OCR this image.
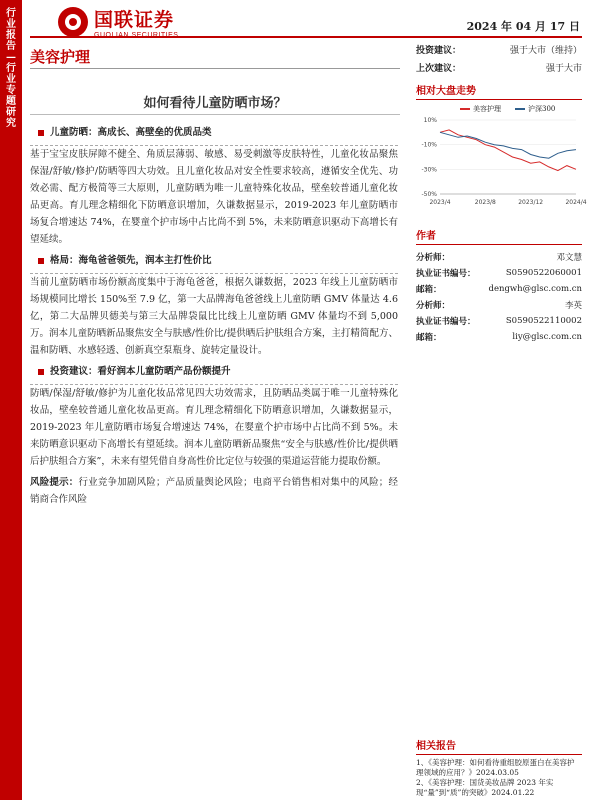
行业报告—行业专题研究
国联证券	2024 年 04 月 17 日
美容护理
如何看待儿童防晒市场？
儿童防晒：高成长、高壁垒的优质品类

基于宝宝皮肤屏障不健全、角质层薄弱、敏感、易受刺激等皮肤特性，儿童化妆品聚焦保湿/舒敏/修护/防晒等四大功效。且儿童化妆品对安全性要求较高，遵循安全优先、功效必需、配方极简等三大原则，儿童防晒为唯一儿童特殊化妆品，壁垒较普通儿童化妆品更高。育儿理念精细化下防晒意识增加，久谦数据显示，2019-2023 年儿童防晒市场复合增速达 74%，在婴童个护市场中占比尚不到 5%，未来防晒意识驱动下高增长有望延续。

格局：海龟爸爸领先，润本主打性价比

当前儿童防晒市场份额高度集中于海龟爸爸，根据久谦数据，2023 年线上儿童防晒市场规模同比增长 150%至 7.9 亿，第一大品牌海龟爸爸线上儿童防晒 GMV 体量达 4.6 亿，第二大品牌贝德美与第三大品牌袋鼠比比线上儿童防晒 GMV 体量均不到 5,000 万。润本儿童防晒新品聚焦安全与肤感/性价比/提供晒后护肤组合方案，主打精简配方、温和防晒、水感轻透、创新真空泵瓶身、旋转定量设计。

投资建议：看好润本儿童防晒产品份额提升

防晒/保湿/舒敏/修护为儿童化妆品常见四大功效需求，且防晒品类属于唯一儿童特殊化妆品，壁垒较普通儿童化妆品更高。育儿理念精细化下防晒意识增加，久谦数据显示，2019-2023 年儿童防晒市场复合增速达 74%，在婴童个护市场中占比尚不到 5%。未来防晒意识驱动下高增长有望延续。润本儿童防晒新品聚焦“安全与肤感/性价比/提供晒后护肤组合方案”，未来有望凭借自身高性价比定位与较强的渠道运营能力提取份额。

风险提示：行业竞争加剧风险；产品质量舆论风险；电商平台销售相对集中的风险；经销商合作风险
投资建议：	强于大市（维持）
上次建议：	强于大市
相对大盘走势
美容护理	沪深300
10%
-10%
-30%
-50%
2023/4	2023/8	2023/12	2024/4
作者
分析师：	邓文慧
执业证书编号：	S0590522060001
邮箱：	dengwh@glsc.com.cn
分析师：	李英
执业证书编号：	S0590522110002
邮箱：	liy@glsc.com.cn
相关报告
1、《美容护理：如何看待重组胶原蛋白在美容护理领域的应用？》2024.03.05
2、《美容护理：国货美妆品牌 2023 年实现“量”到“质”的突破》2024.01.22
